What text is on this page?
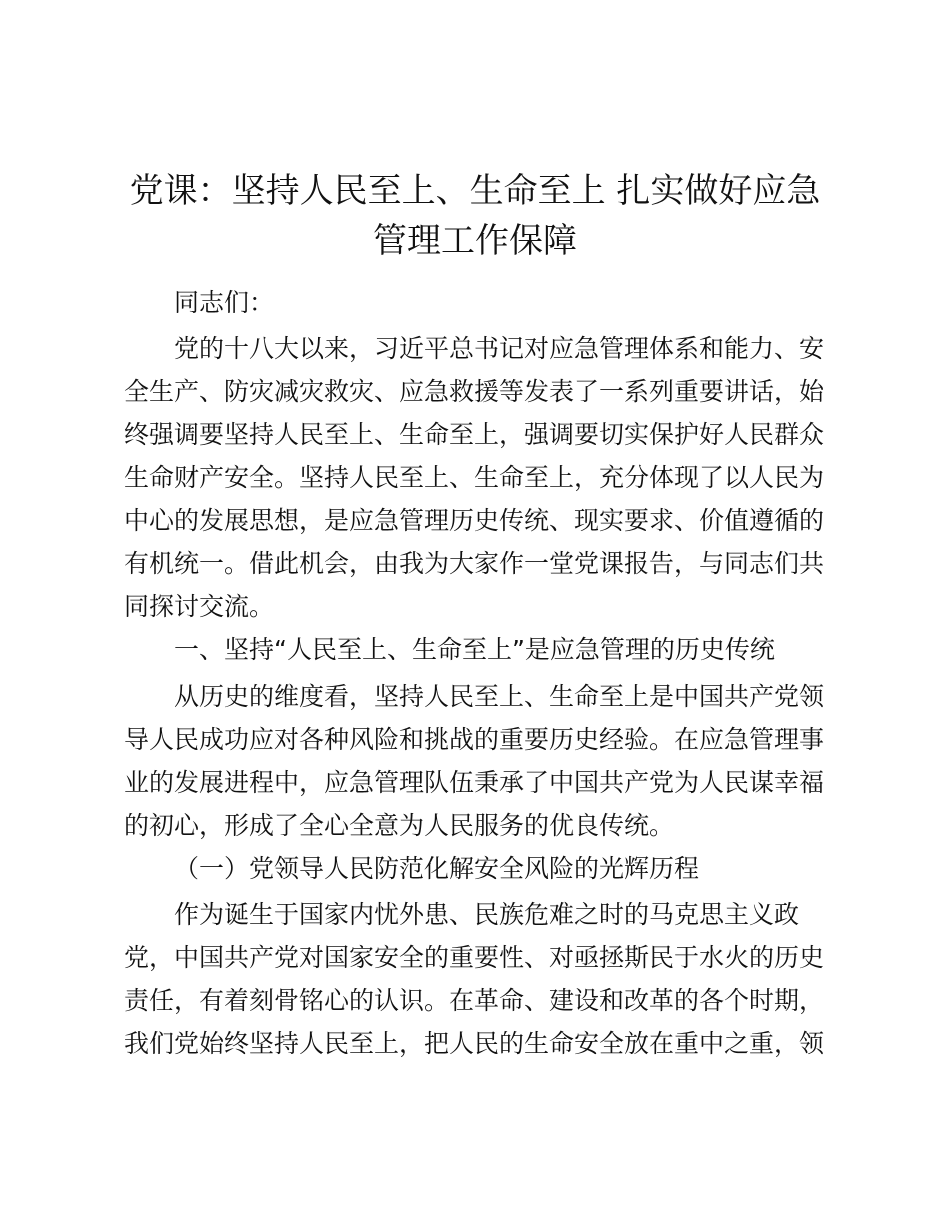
党课：坚持人民至上、生命至上 扎实做好应急
管理工作保障
同志们：
党的十八大以来，习近平总书记对应急管理体系和能力、安
全生产、防灾减灾救灾、应急救援等发表了一系列重要讲话，始
终强调要坚持人民至上、生命至上，强调要切实保护好人民群众
生命财产安全。坚持人民至上、生命至上，充分体现了以人民为
中心的发展思想，是应急管理历史传统、现实要求、价值遵循的
有机统一。借此机会，由我为大家作一堂党课报告，与同志们共
同探讨交流。
一、坚持“人民至上、生命至上”是应急管理的历史传统
从历史的维度看，坚持人民至上、生命至上是中国共产党领
导人民成功应对各种风险和挑战的重要历史经验。在应急管理事
业的发展进程中，应急管理队伍秉承了中国共产党为人民谋幸福
的初心，形成了全心全意为人民服务的优良传统。
（一）党领导人民防范化解安全风险的光辉历程
作为诞生于国家内忧外患、民族危难之时的马克思主义政
党，中国共产党对国家安全的重要性、对亟拯斯民于水火的历史
责任，有着刻骨铭心的认识。在革命、建设和改革的各个时期，
我们党始终坚持人民至上，把人民的生命安全放在重中之重，领
